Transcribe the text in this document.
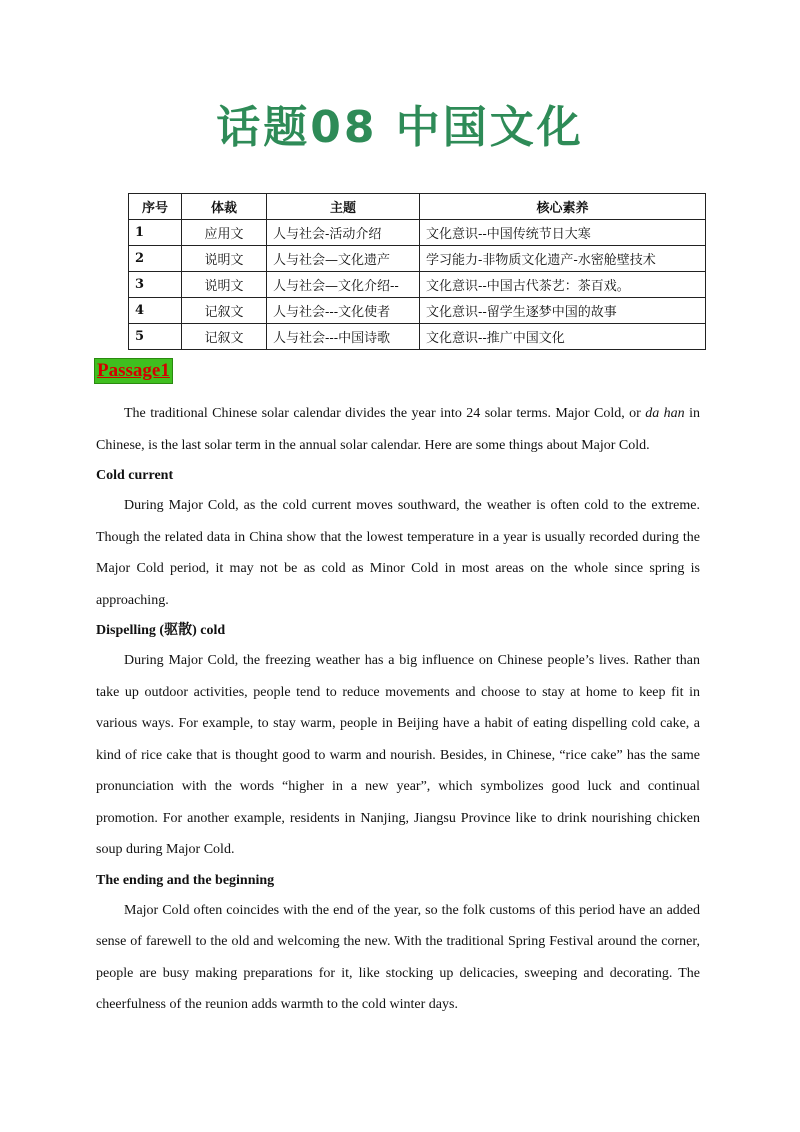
话题08 中国文化
序号	体裁	主题	核心素养
1	应用文	人与社会-活动介绍	文化意识--中国传统节日大寒
2	说明文	人与社会—文化遗产	学习能力-非物质文化遗产-水密舱壁技术
3	说明文	人与社会—文化介绍--	文化意识--中国古代茶艺：茶百戏。
4	记叙文	人与社会---文化使者	文化意识--留学生逐梦中国的故事
5	记叙文	人与社会---中国诗歌	文化意识--推广中国文化
Passage1

The traditional Chinese solar calendar divides the year into 24 solar terms. Major Cold, or da han in Chinese, is the last solar term in the annual solar calendar. Here are some things about Major Cold.

Cold current

During Major Cold, as the cold current moves southward, the weather is often cold to the extreme. Though the related data in China show that the lowest temperature in a year is usually recorded during the Major Cold period, it may not be as cold as Minor Cold in most areas on the whole since spring is approaching.

Dispelling (驱散) cold

During Major Cold, the freezing weather has a big influence on Chinese people’s lives. Rather than take up outdoor activities, people tend to reduce movements and choose to stay at home to keep fit in various ways. For example, to stay warm, people in Beijing have a habit of eating dispelling cold cake, a kind of rice cake that is thought good to warm and nourish. Besides, in Chinese, “rice cake” has the same pronunciation with the words “higher in a new year”, which symbolizes good luck and continual promotion. For another example, residents in Nanjing, Jiangsu Province like to drink nourishing chicken soup during Major Cold.

The ending and the beginning

Major Cold often coincides with the end of the year, so the folk customs of this period have an added sense of farewell to the old and welcoming the new. With the traditional Spring Festival around the corner, people are busy making preparations for it, like stocking up delicacies, sweeping and decorating. The cheerfulness of the reunion adds warmth to the cold winter days.
